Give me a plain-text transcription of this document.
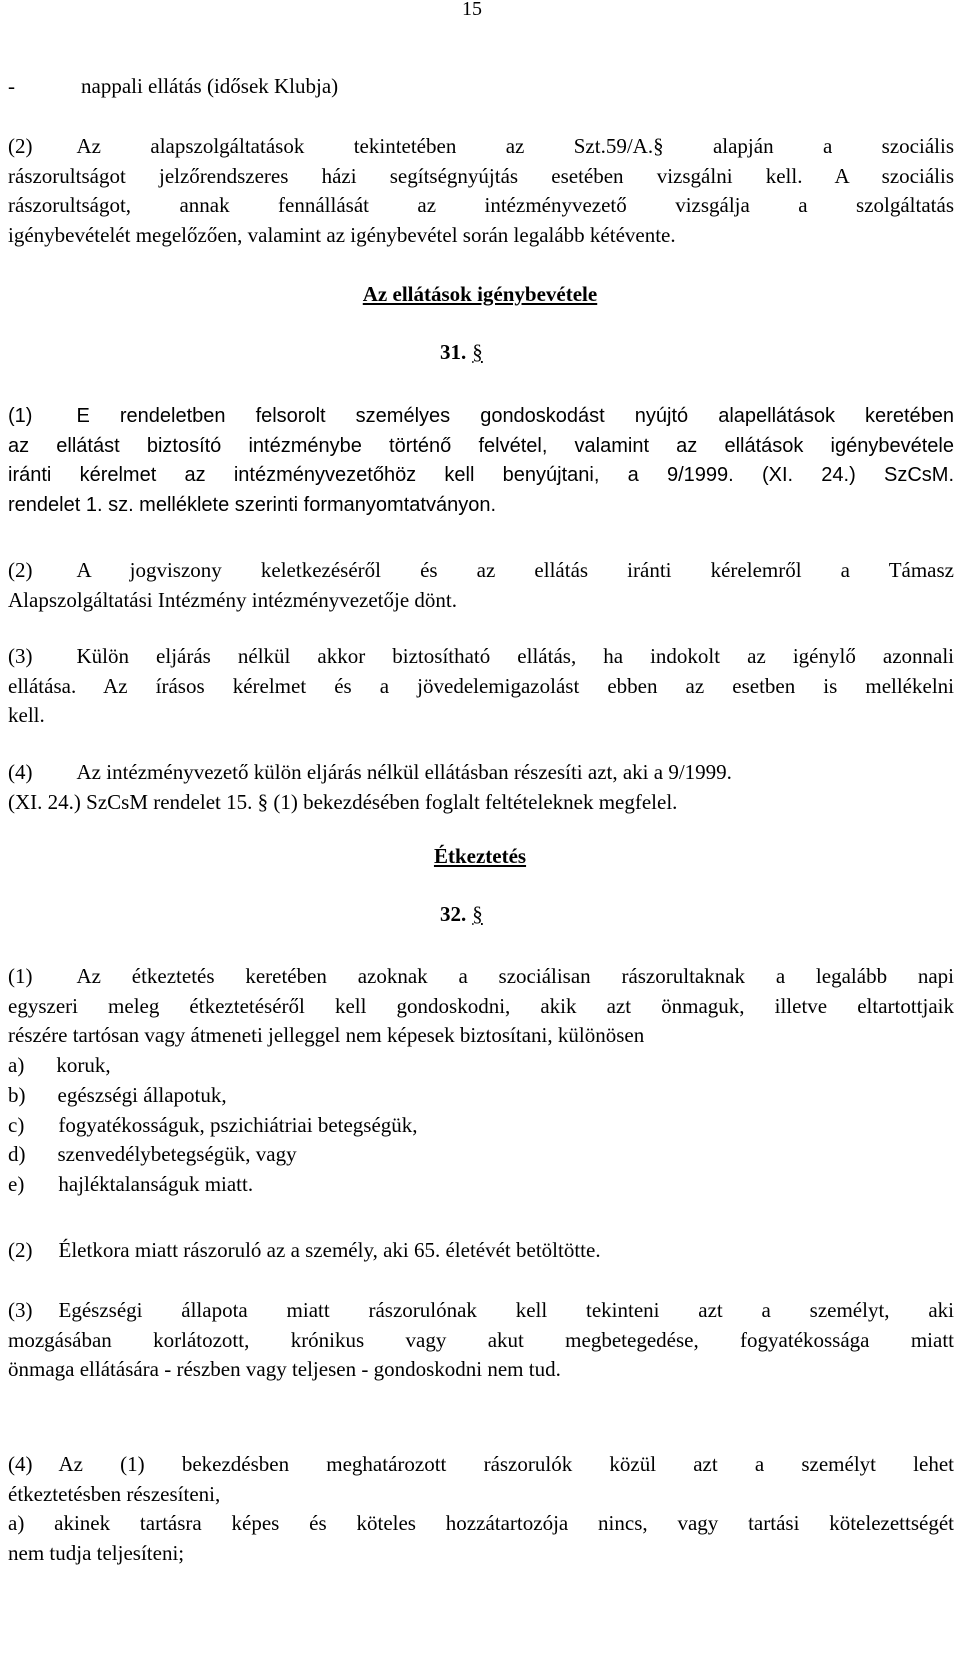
15
-	nappali ellátás (idősek Klubja)
(2) Az alapszolgáltatások tekintetében az Szt.59/A.§ alapján a szociális
rászorultságot jelzőrendszeres házi segítségnyújtás esetében vizsgálni kell. A szociális
rászorultságot, annak fennállását az intézményvezető vizsgálja a szolgáltatás
igénybevételét megelőzően, valamint az igénybevétel során legalább kétévente.
Az ellátások igénybevétele
31. §
(1) E rendeletben felsorolt személyes gondoskodást nyújtó alapellátások keretében
az ellátást biztosító intézménybe történő felvétel, valamint az ellátások igénybevétele
iránti kérelmet az intézményvezetőhöz kell benyújtani, a 9/1999. (XI. 24.) SzCsM.
rendelet 1. sz. melléklete szerinti formanyomtatványon.
(2) A jogviszony keletkezéséről és az ellátás iránti kérelemről a Támasz
Alapszolgáltatási Intézmény intézményvezetője dönt.
(3) Külön eljárás nélkül akkor biztosítható ellátás, ha indokolt az igénylő azonnali
ellátása. Az írásos kérelmet és a jövedelemigazolást ebben az esetben is mellékelni
kell.
(4) Az intézményvezető külön eljárás nélkül ellátásban részesíti azt, aki a 9/1999.
(XI. 24.) SzCsM rendelet 15. § (1) bekezdésében foglalt feltételeknek megfelel.
Étkeztetés
32. §
(1) Az étkeztetés keretében azoknak a szociálisan rászorultaknak a legalább napi
egyszeri meleg étkeztetéséről kell gondoskodni, akik azt önmaguk, illetve eltartottjaik
részére tartósan vagy átmeneti jelleggel nem képesek biztosítani, különösen
a) koruk,
b) egészségi állapotuk,
c) fogyatékosságuk, pszichiátriai betegségük,
d) szenvedélybetegségük, vagy
e) hajléktalanságuk miatt.
(2) Életkora miatt rászoruló az a személy, aki 65. életévét betöltötte.
(3) Egészségi állapota miatt rászorulónak kell tekinteni azt a személyt, aki
mozgásában korlátozott, krónikus vagy akut megbetegedése, fogyatékossága miatt
önmaga ellátására - részben vagy teljesen - gondoskodni nem tud.
(4) Az (1) bekezdésben meghatározott rászorulók közül azt a személyt lehet
étkeztetésben részesíteni,
a) akinek tartásra képes és köteles hozzátartozója nincs, vagy tartási kötelezettségét
nem tudja teljesíteni;
